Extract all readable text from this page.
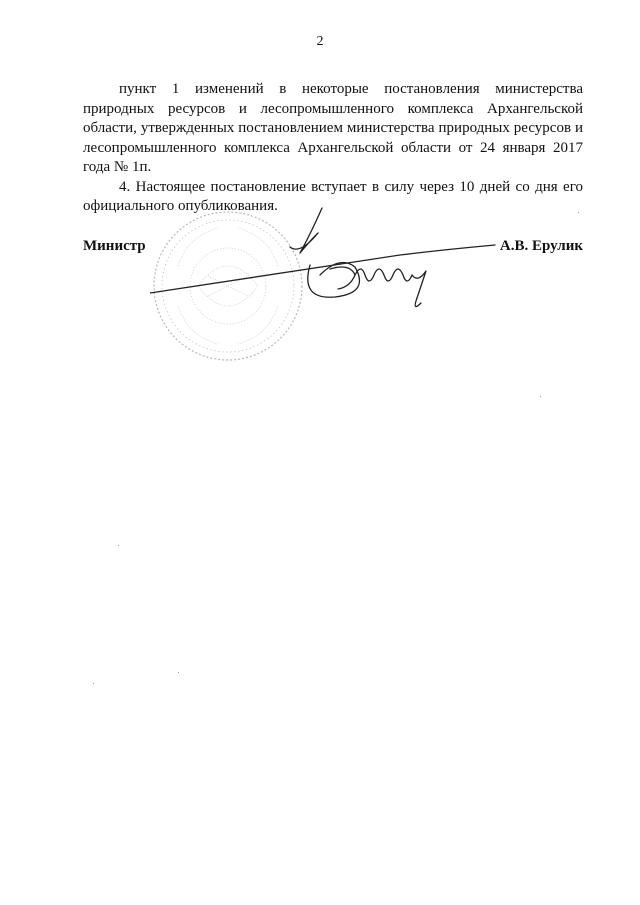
2

пункт 1 изменений в некоторые постановления министерства природных ресурсов и лесопромышленного комплекса Архангельской области, утвержденных постановлением министерства природных ресурсов и лесопромышленного комплекса Архангельской области от 24 января 2017 года № 1п.

4. Настоящее постановление вступает в силу через 10 дней со дня его официального опубликования.

Министр	А.В. Ерулик
